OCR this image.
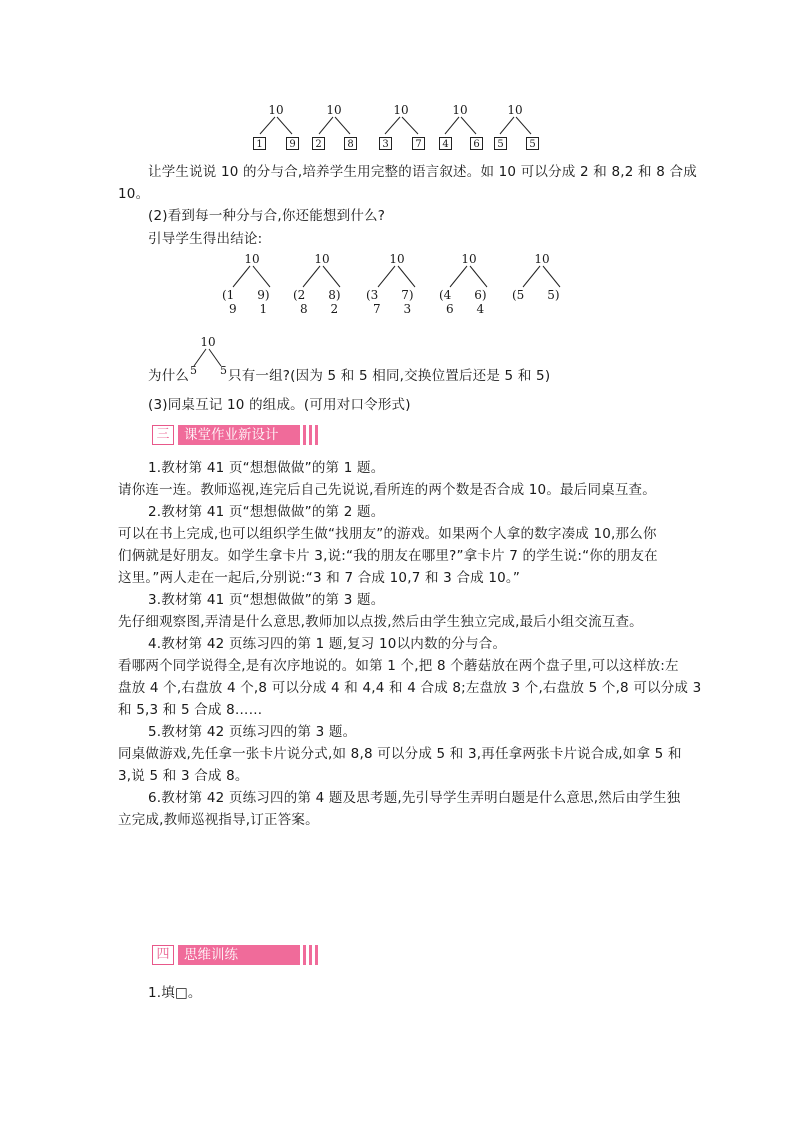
10
1	9
10
2	8
10
3	7
10
4	6
10
5	5
让学生说说 10 的分与合,培养学生用完整的语言叙述。如 10 可以分成 2 和 8,2 和 8 合成
10。
(2)看到每一种分与合,你还能想到什么?
引导学生得出结论:
10
(1      9)
9      1
10
(2      8)
8      2
10
(3      7)
7      3
10
(4      6)
6      4
10
(5      5)
10
为什么 5 5 只有一组?(因为 5 和 5 相同,交换位置后还是 5 和 5)
(3)同桌互记 10 的组成。(可用对口令形式)
三	课堂作业新设计
1.教材第 41 页“想想做做”的第 1 题。
请你连一连。教师巡视,连完后自己先说说,看所连的两个数是否合成 10。最后同桌互查。
2.教材第 41 页“想想做做”的第 2 题。
可以在书上完成,也可以组织学生做“找朋友”的游戏。如果两个人拿的数字凑成 10,那么你
们俩就是好朋友。如学生拿卡片 3,说:“我的朋友在哪里?”拿卡片 7 的学生说:“你的朋友在
这里。”两人走在一起后,分别说:“3 和 7 合成 10,7 和 3 合成 10。”
3.教材第 41 页“想想做做”的第 3 题。
先仔细观察图,弄清是什么意思,教师加以点拨,然后由学生独立完成,最后小组交流互查。
4.教材第 42 页练习四的第 1 题,复习 10以内数的分与合。
看哪两个同学说得全,是有次序地说的。如第 1 个,把 8 个蘑菇放在两个盘子里,可以这样放:左
盘放 4 个,右盘放 4 个,8 可以分成 4 和 4,4 和 4 合成 8;左盘放 3 个,右盘放 5 个,8 可以分成 3
和 5,3 和 5 合成 8……
5.教材第 42 页练习四的第 3 题。
同桌做游戏,先任拿一张卡片说分式,如 8,8 可以分成 5 和 3,再任拿两张卡片说合成,如拿 5 和
3,说 5 和 3 合成 8。
6.教材第 42 页练习四的第 4 题及思考题,先引导学生弄明白题是什么意思,然后由学生独
立完成,教师巡视指导,订正答案。
四	思维训练
1.填□。
